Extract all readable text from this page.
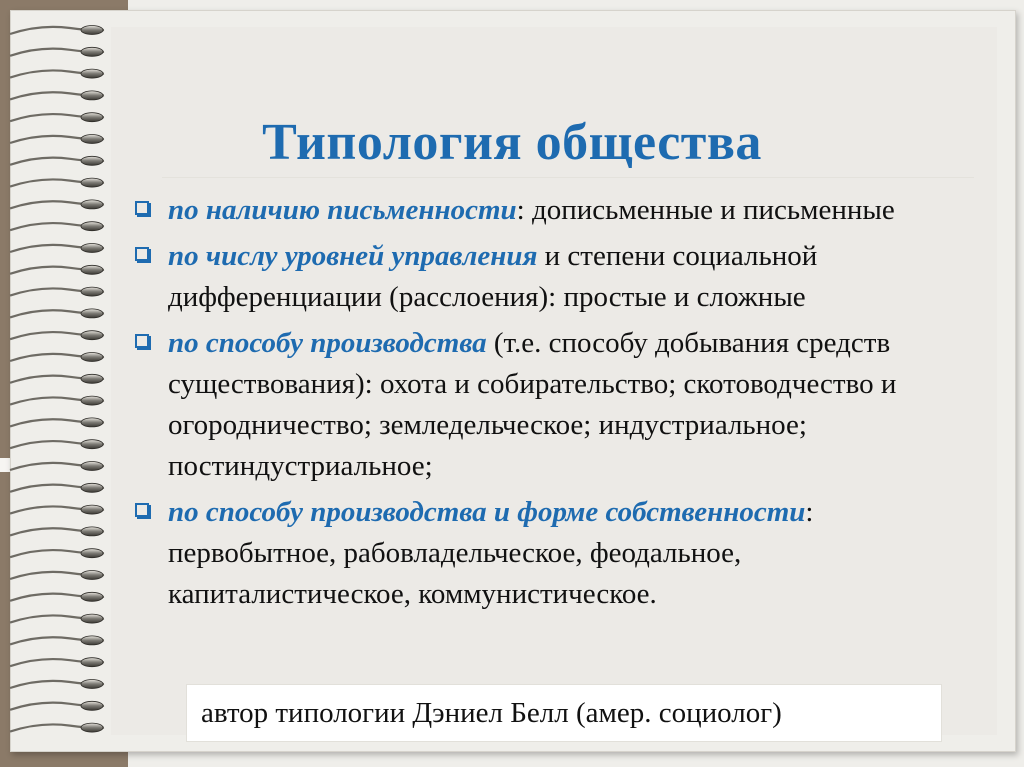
Типология общества
по наличию письменности: дописьменные и письменные
по числу уровней управления и степени социальной дифференциации (расслоения): простые и сложные
по способу производства (т.е. способу добывания средств существования): охота и собирательство; скотоводчество и огородничество; земледельческое; индустриальное; постиндустриальное;
по способу производства и форме собственности: первобытное, рабовладельческое, феодальное, капиталистическое, коммунистическое.
автор типологии Дэниел Белл (амер. социолог)
